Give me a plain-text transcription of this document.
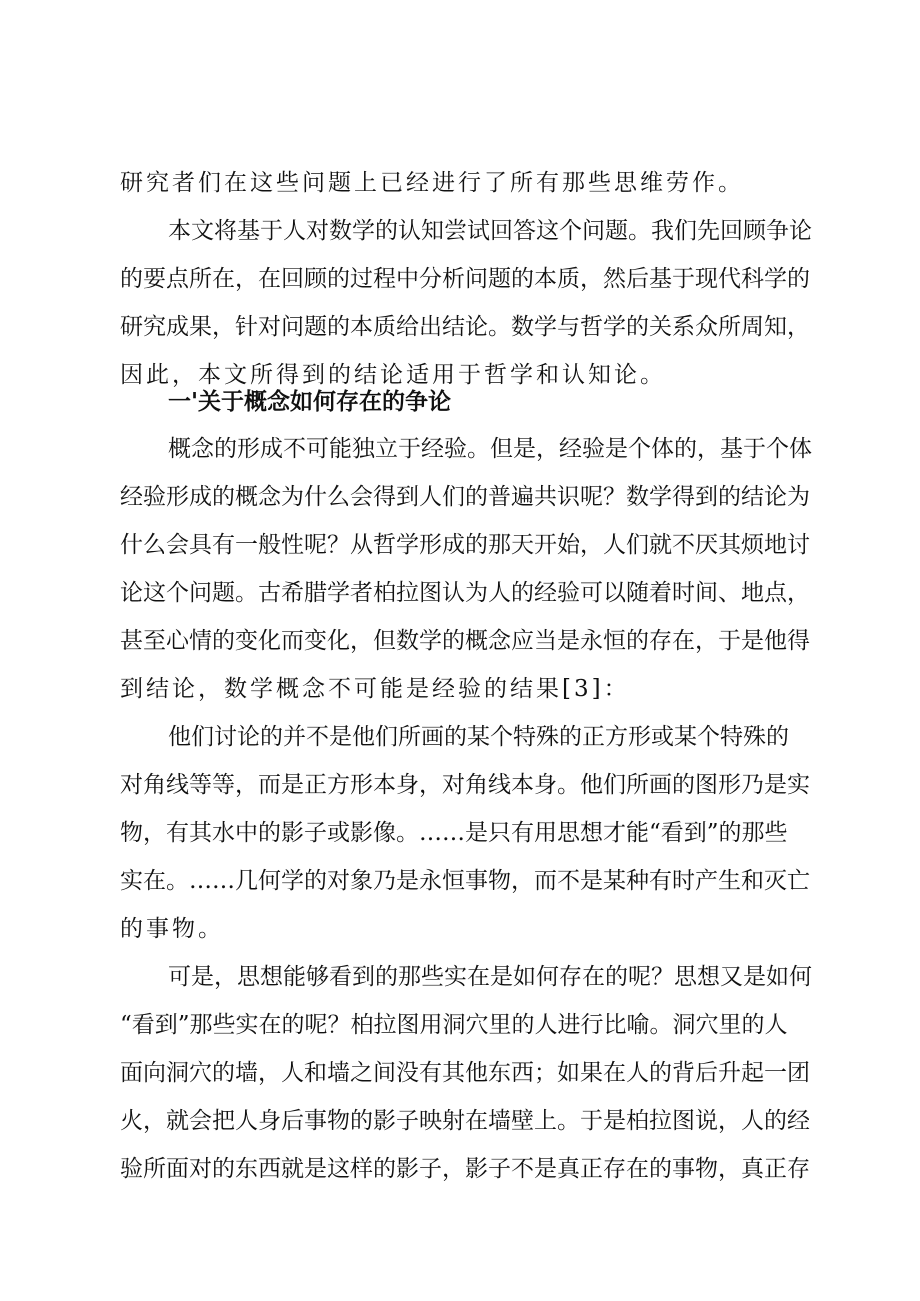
研究者们在这些问题上已经进行了所有那些思维劳作。
本文将基于人对数学的认知尝试回答这个问题。我们先回顾争论
的要点所在，在回顾的过程中分析问题的本质，然后基于现代科学的
研究成果，针对问题的本质给出结论。数学与哲学的关系众所周知，
因此，本文所得到的结论适用于哲学和认知论。
一'关于概念如何存在的争论
概念的形成不可能独立于经验。但是，经验是个体的，基于个体
经验形成的概念为什么会得到人们的普遍共识呢？数学得到的结论为
什么会具有一般性呢？从哲学形成的那天开始，人们就不厌其烦地讨
论这个问题。古希腊学者柏拉图认为人的经验可以随着时间、地点，
甚至心情的变化而变化，但数学的概念应当是永恒的存在，于是他得
到结论，数学概念不可能是经验的结果[3]：
他们讨论的并不是他们所画的某个特殊的正方形或某个特殊的
对角线等等，而是正方形本身，对角线本身。他们所画的图形乃是实
物，有其水中的影子或影像。……是只有用思想才能“看到”的那些
实在。……几何学的对象乃是永恒事物，而不是某种有时产生和灭亡
的事物。
可是，思想能够看到的那些实在是如何存在的呢？思想又是如何
“看到”那些实在的呢？柏拉图用洞穴里的人进行比喻。洞穴里的人
面向洞穴的墙，人和墙之间没有其他东西；如果在人的背后升起一团
火，就会把人身后事物的影子映射在墙壁上。于是柏拉图说，人的经
验所面对的东西就是这样的影子，影子不是真正存在的事物，真正存
